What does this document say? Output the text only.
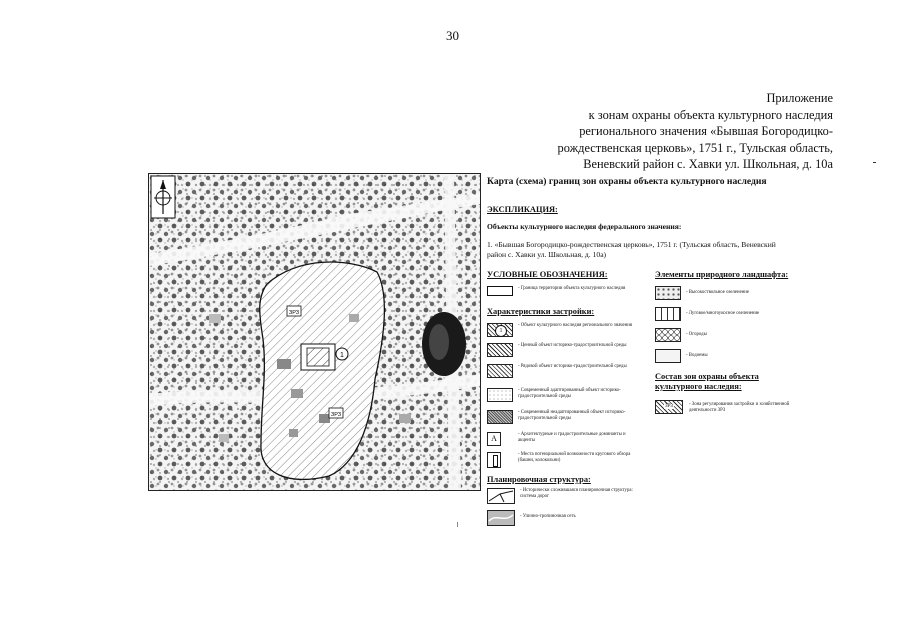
30
Приложение
к зонам охраны объекта культурного наследия
регионального значения «Бывшая Богородицко-
рождественская церковь», 1751 г., Тульская область,
Веневский район с. Хавки ул. Школьная, д. 10а
1
ЗРЗ
ЗРЗ
Карта (схема) границ зон охраны объекта культурного наследия
ЭКСПЛИКАЦИЯ:
Объекты культурного наследия федерального значения:
1. «Бывшая Богородицко-рождественская церковь», 1751 г. (Тульская область, Веневский район с. Хавки ул. Школьная, д. 10а)
УСЛОВНЫЕ ОБОЗНАЧЕНИЯ:	Элементы природного ландшафта:
- Граница территории объекта культурного наследия
Характеристики застройки:
1
- Объект культурного наследия регионального значения
- Ценный объект историко-градостроительной среды
- Рядовой объект историко-градостроительной среды
- Современный адаптированный объект историко-градостроительной среды
- Современный неадаптированный объект историко-градостроительной среды
А	- Архитектурные и градостроительные доминанты и акценты
- Места потенциальной возможности кругового обзора (башни, колокольни)
Планировочная структура:
- Исторически сложившаяся планировочная структура: система дорог
- Улично-тропиночная сеть
- Высокоствольное озеленение
- Луговое/многоукосное озеленение
- Огороды
- Водоемы
Состав зон охраны объекта
культурного наследия:
ЗРЗ	- Зона регулирования застройки и хозяйственной деятельности ЗРЗ
